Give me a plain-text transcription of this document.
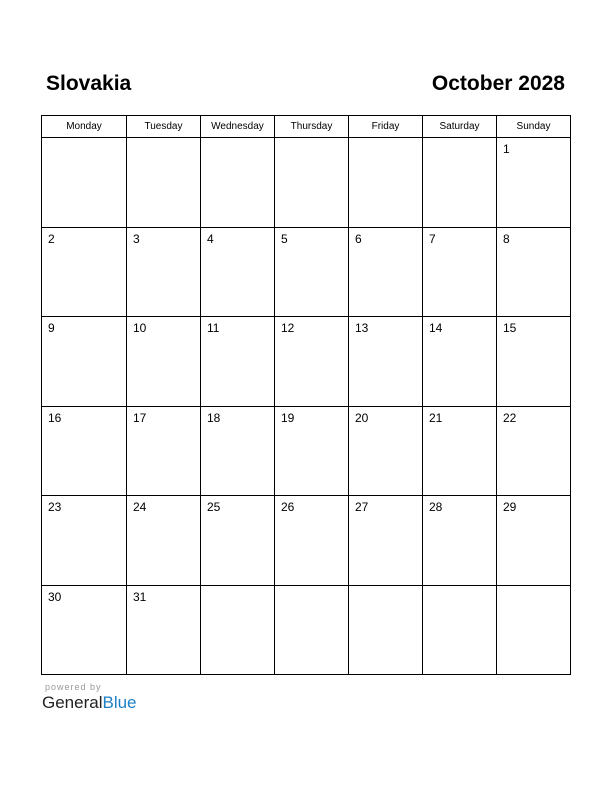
Slovakia	October 2028
Monday	Tuesday	Wednesday	Thursday	Friday	Saturday	Sunday

						1

2	3	4	5	6	7	8

9	10	11	12	13	14	15

16	17	18	19	20	21	22

23	24	25	26	27	28	29

30	31					

powered by
GeneralBlue
